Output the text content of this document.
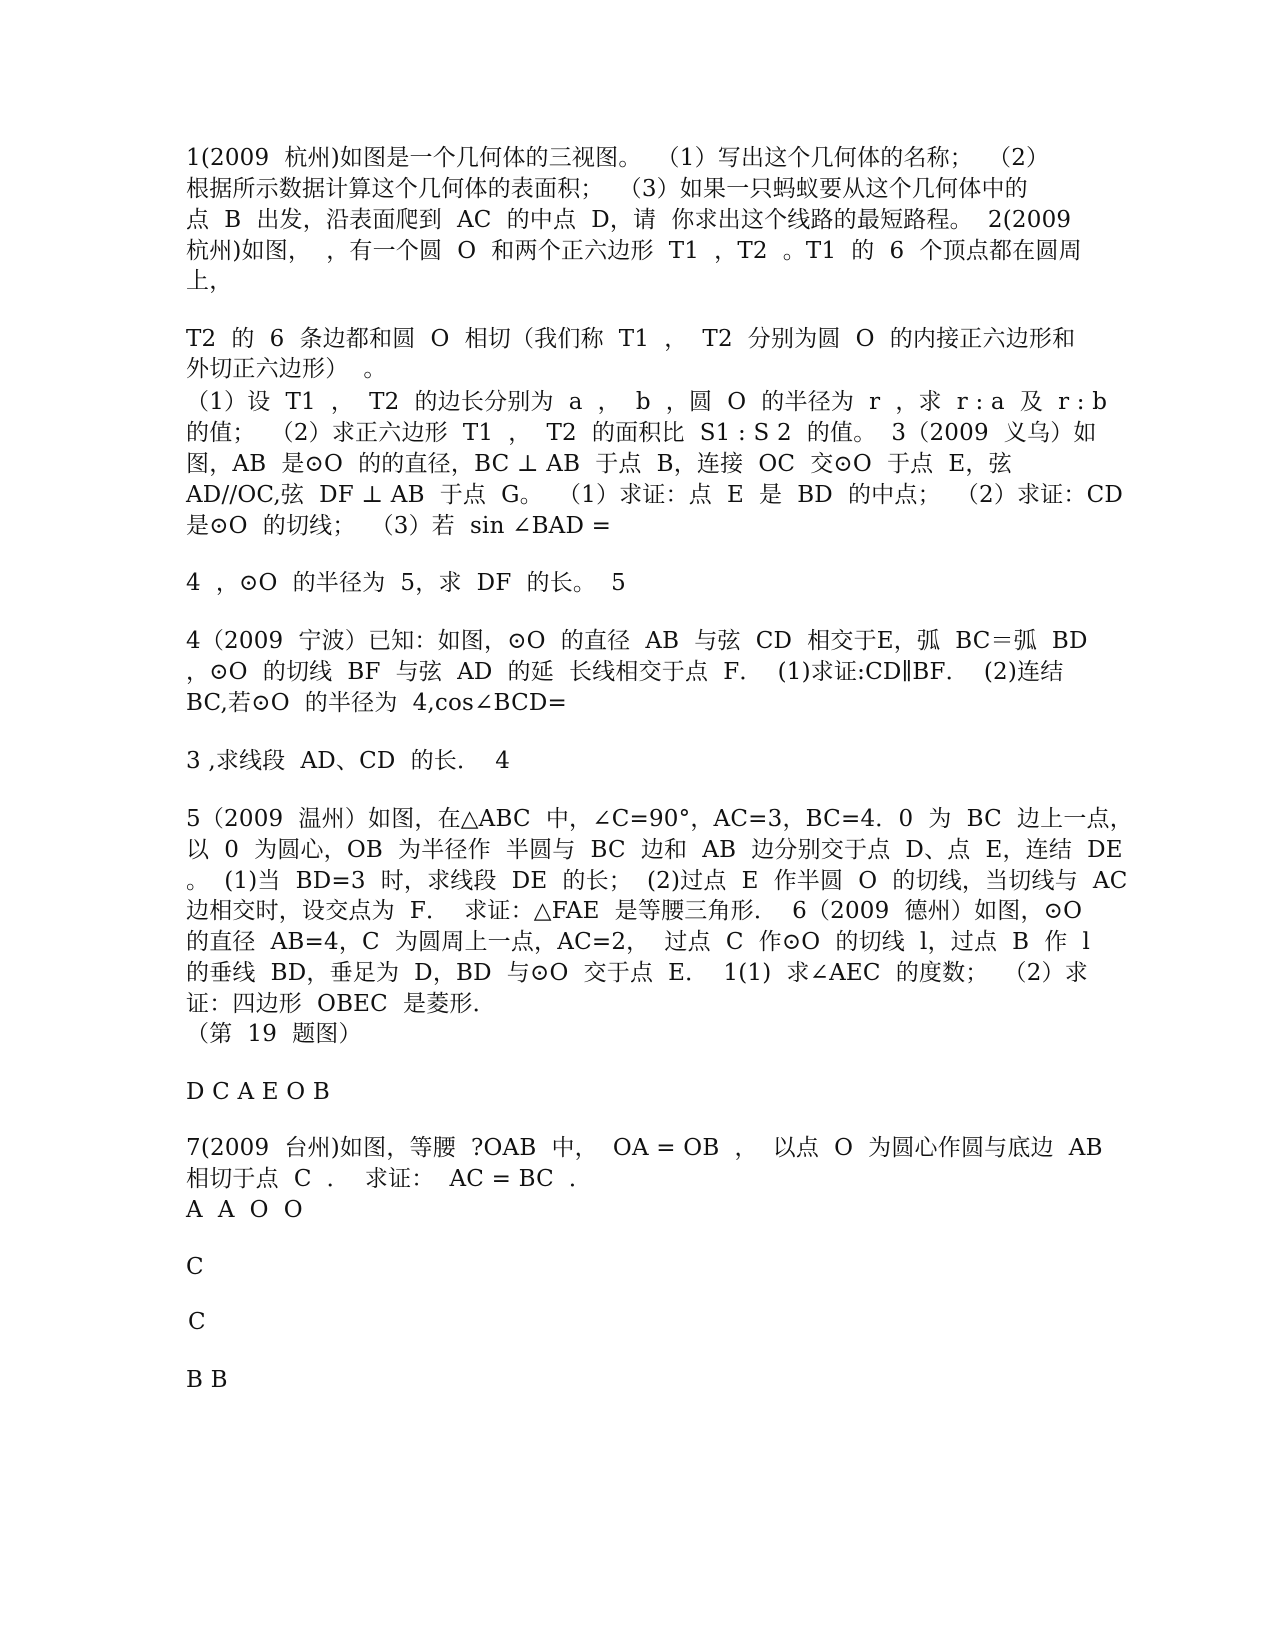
1(2009  杭州)如图是一个几何体的三视图。  （1）写出这个几何体的名称；  （2）
根据所示数据计算这个几何体的表面积；  （3）如果一只蚂蚁要从这个几何体中的
点  B  出发，沿表面爬到  AC  的中点  D，请  你求出这个线路的最短路程。  2(2009
杭州)如图，  ，有一个圆  O  和两个正六边形  T1  ，T2  。T1  的  6  个顶点都在圆周
上，
T2  的  6  条边都和圆  O  相切（我们称  T1  ，  T2  分别为圆  O  的内接正六边形和
外切正六边形）  。
（1）设  T1  ，  T2  的边长分别为  a  ，  b  ，圆  O  的半径为  r  ，求  r : a  及  r : b
的值；  （2）求正六边形  T1  ，  T2  的面积比  S1 : S 2  的值。  3（2009  义乌）如
图，AB  是⊙O  的的直径，BC ⊥ AB  于点  B，连接  OC  交⊙O  于点  E，弦
AD//OC,弦  DF ⊥ AB  于点  G。  （1）求证：点  E  是  BD  的中点；  （2）求证：CD
是⊙O  的切线；  （3）若  sin ∠BAD =
4  ，⊙O  的半径为  5，求  DF  的长。  5
4（2009  宁波）已知：如图，⊙O  的直径  AB  与弦  CD  相交于E，弧  BC＝弧  BD
，⊙O  的切线  BF  与弦  AD  的延  长线相交于点  F．  (1)求证:CD∥BF．  (2)连结
BC,若⊙O  的半径为  4,cos∠BCD=
3 ,求线段  AD、CD  的长．  4
5（2009  温州）如图，在△ABC  中，∠C=90°，AC=3，BC=4．0  为  BC  边上一点，
以  0  为圆心，OB  为半径作  半圆与  BC  边和  AB  边分别交于点  D、点  E，连结  DE
。  (1)当  BD=3  时，求线段  DE  的长；  (2)过点  E  作半圆  O  的切线，当切线与  AC
边相交时，设交点为  F．  求证：△FAE  是等腰三角形．  6（2009  德州）如图，⊙O
的直径  AB=4，C  为圆周上一点，AC=2，  过点  C  作⊙O  的切线  l，过点  B  作  l
的垂线  BD，垂足为  D，BD  与⊙O  交于点  E．  1(1)  求∠AEC  的度数；  （2）求
证：四边形  OBEC  是菱形．
（第  19  题图）
D C A E O B
7(2009  台州)如图，等腰  ?OAB  中，  OA = OB  ，  以点  O  为圆心作圆与底边  AB
相切于点  C  ．  求证：  AC = BC  ．
A  A  O  O
C
C
B B
